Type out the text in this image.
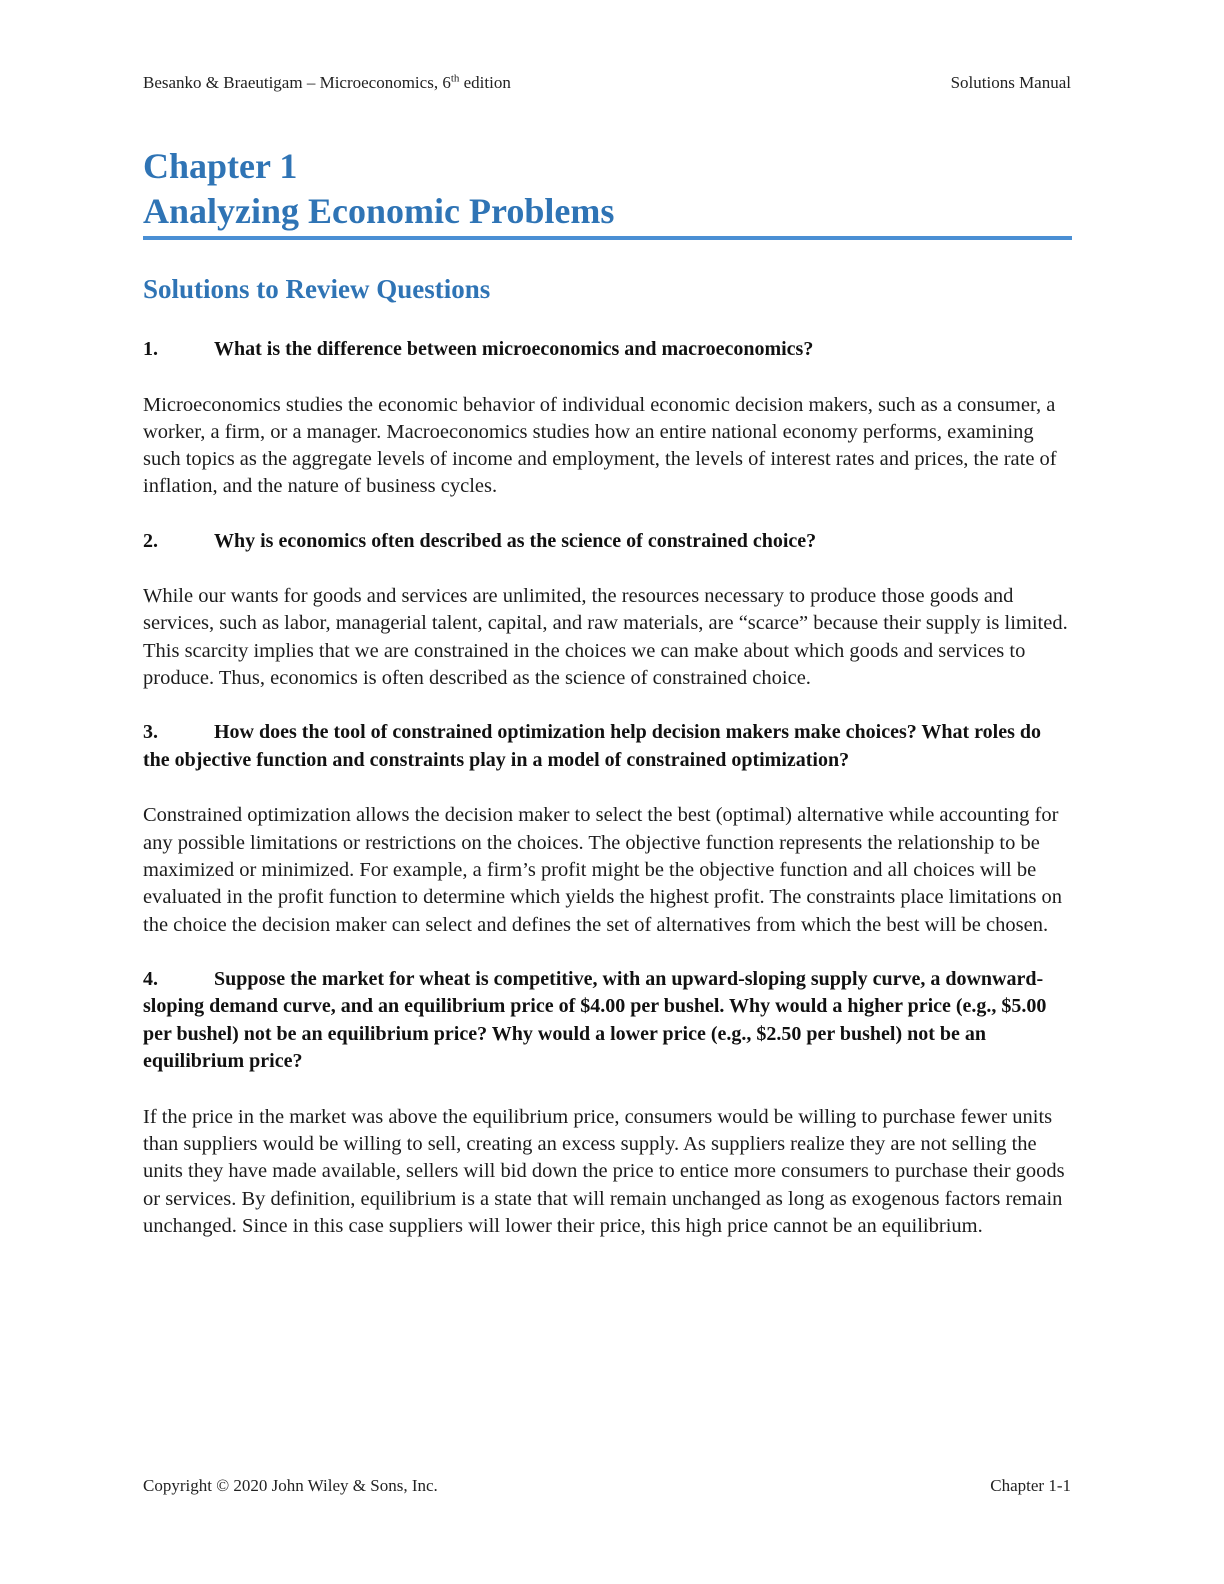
Besanko & Braeutigam – Microeconomics, 6th edition	Solutions Manual
Chapter 1
Analyzing Economic Problems
Solutions to Review Questions

1.	What is the difference between microeconomics and macroeconomics?

Microeconomics studies the economic behavior of individual economic decision makers, such as a consumer, a worker, a firm, or a manager. Macroeconomics studies how an entire national economy performs, examining such topics as the aggregate levels of income and employment, the levels of interest rates and prices, the rate of inflation, and the nature of business cycles.

2.	Why is economics often described as the science of constrained choice?

While our wants for goods and services are unlimited, the resources necessary to produce those goods and services, such as labor, managerial talent, capital, and raw materials, are “scarce” because their supply is limited. This scarcity implies that we are constrained in the choices we can make about which goods and services to produce. Thus, economics is often described as the science of constrained choice.

3.	How does the tool of constrained optimization help decision makers make choices? What roles do the objective function and constraints play in a model of constrained optimization?

Constrained optimization allows the decision maker to select the best (optimal) alternative while accounting for any possible limitations or restrictions on the choices. The objective function represents the relationship to be maximized or minimized. For example, a firm’s profit might be the objective function and all choices will be evaluated in the profit function to determine which yields the highest profit. The constraints place limitations on the choice the decision maker can select and defines the set of alternatives from which the best will be chosen.

4.	Suppose the market for wheat is competitive, with an upward-sloping supply curve, a downward-sloping demand curve, and an equilibrium price of $4.00 per bushel. Why would a higher price (e.g., $5.00 per bushel) not be an equilibrium price? Why would a lower price (e.g., $2.50 per bushel) not be an equilibrium price?

If the price in the market was above the equilibrium price, consumers would be willing to purchase fewer units than suppliers would be willing to sell, creating an excess supply. As suppliers realize they are not selling the units they have made available, sellers will bid down the price to entice more consumers to purchase their goods or services. By definition, equilibrium is a state that will remain unchanged as long as exogenous factors remain unchanged. Since in this case suppliers will lower their price, this high price cannot be an equilibrium.

Copyright © 2020 John Wiley & Sons, Inc.	Chapter 1-1
